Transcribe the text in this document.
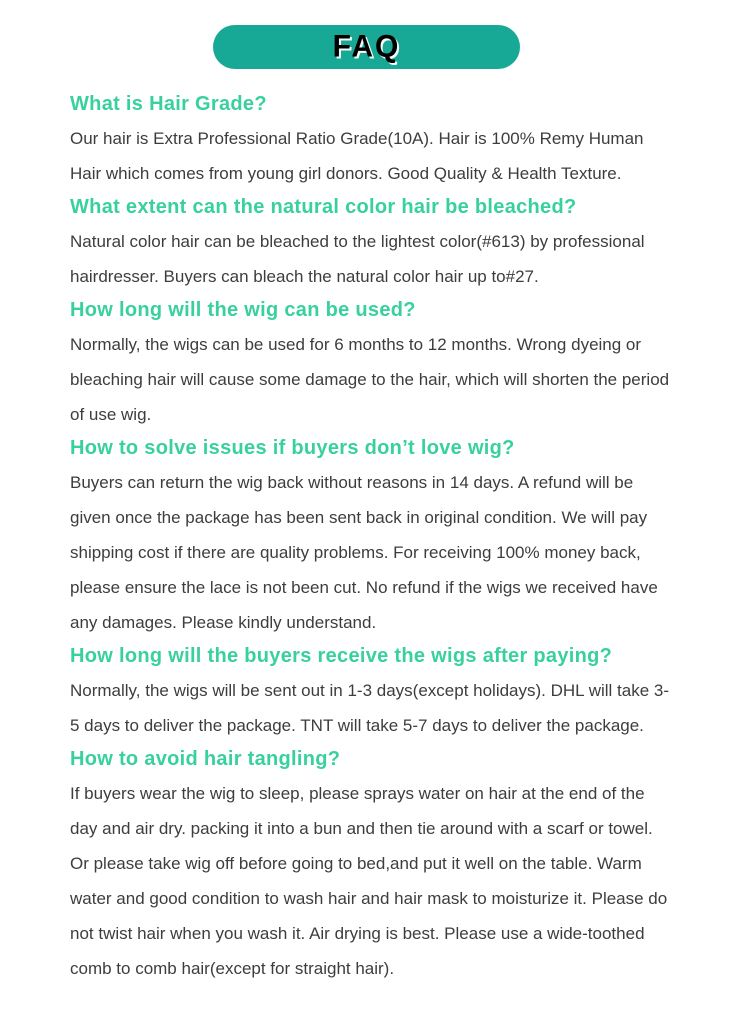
FAQ
What is Hair Grade?

Our hair is Extra Professional Ratio Grade(10A). Hair is 100% Remy Human Hair which comes from young girl donors. Good Quality & Health Texture.

What extent can the natural color hair be bleached?

Natural color hair can be bleached to the lightest color(#613) by professional hairdresser. Buyers can bleach the natural color hair up to#27.

How long will the wig can be used?

Normally, the wigs can be used for 6 months to 12 months. Wrong dyeing or bleaching hair will cause some damage to the hair, which will shorten the period of use wig.

How to solve issues if buyers don’t love wig?

Buyers can return the wig back without reasons in 14 days. A refund will be given once the package has been sent back in original condition. We will pay shipping cost if there are quality problems. For receiving 100% money back, please ensure the lace is not been cut. No refund if the wigs we received have any damages. Please kindly understand.

How long will the buyers receive the wigs after paying?

Normally, the wigs will be sent out in 1-3 days(except holidays). DHL will take 3-5 days to deliver the package. TNT will take 5-7 days to deliver the package.

How to avoid hair tangling?

If buyers wear the wig to sleep, please sprays water on hair at the end of the day and air dry. packing it into a bun and then tie around with a scarf or towel. Or please take wig off before going to bed,and put it well on the table. Warm water and good condition to wash hair and hair mask to moisturize it. Please do not twist hair when you wash it. Air drying is best. Please use a wide-toothed comb to comb hair(except for straight hair).
